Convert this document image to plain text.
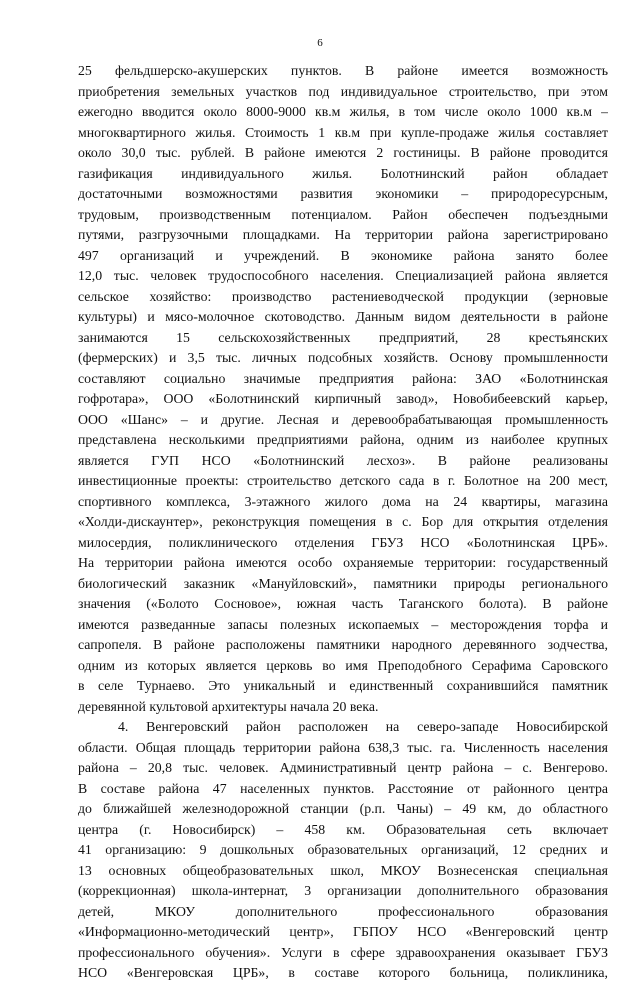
6
25 фельдшерско-акушерских пунктов. В районе имеется возможность
приобретения земельных участков под индивидуальное строительство, при этом
ежегодно вводится около 8000-9000 кв.м жилья, в том числе около 1000 кв.м –
многоквартирного жилья. Стоимость 1 кв.м при купле-продаже жилья составляет
около 30,0 тыс. рублей. В районе имеются 2 гостиницы. В районе проводится
газификация индивидуального жилья. Болотнинский район обладает
достаточными возможностями развития экономики – природоресурсным,
трудовым, производственным потенциалом. Район обеспечен подъездными
путями, разгрузочными площадками. На территории района зарегистрировано
497 организаций и учреждений. В экономике района занято более
12,0 тыс. человек трудоспособного населения. Специализацией района является
сельское хозяйство: производство растениеводческой продукции (зерновые
культуры) и мясо-молочное скотоводство. Данным видом деятельности в районе
занимаются 15 сельскохозяйственных предприятий, 28 крестьянских
(фермерских) и 3,5 тыс. личных подсобных хозяйств. Основу промышленности
составляют социально значимые предприятия района: ЗАО «Болотнинская
гофротара», ООО «Болотнинский кирпичный завод», Новобибеевский карьер,
ООО «Шанс» – и другие. Лесная и деревообрабатывающая промышленность
представлена несколькими предприятиями района, одним из наиболее крупных
является ГУП НСО «Болотнинский лесхоз». В районе реализованы
инвестиционные проекты: строительство детского сада в г. Болотное на 200 мест,
спортивного комплекса, 3-этажного жилого дома на 24 квартиры, магазина
«Холди-дискаунтер», реконструкция помещения в с. Бор для открытия отделения
милосердия, поликлинического отделения ГБУЗ НСО «Болотнинская ЦРБ».
На территории района имеются особо охраняемые территории: государственный
биологический заказник «Мануйловский», памятники природы регионального
значения («Болото Сосновое», южная часть Таганского болота). В районе
имеются разведанные запасы полезных ископаемых – месторождения торфа и
сапропеля. В районе расположены памятники народного деревянного зодчества,
одним из которых является церковь во имя Преподобного Серафима Саровского
в селе Турнаево. Это уникальный и единственный сохранившийся памятник
деревянной культовой архитектуры начала 20 века.
4. Венгеровский район расположен на северо-западе Новосибирской
области. Общая площадь территории района 638,3 тыс. га. Численность населения
района – 20,8 тыс. человек. Административный центр района – с. Венгерово.
В составе района 47 населенных пунктов. Расстояние от районного центра
до ближайшей железнодорожной станции (р.п. Чаны) – 49 км, до областного
центра (г. Новосибирск) – 458 км. Образовательная сеть включает
41 организацию: 9 дошкольных образовательных организаций, 12 средних и
13 основных общеобразовательных школ, МКОУ Вознесенская специальная
(коррекционная) школа-интернат, 3 организации дополнительного образования
детей, МКОУ дополнительного профессионального образования
«Информационно-методический центр», ГБПОУ НСО «Венгеровский центр
профессионального обучения». Услуги в сфере здравоохранения оказывает ГБУЗ
НСО «Венгеровская ЦРБ», в составе которого больница, поликлиника,
